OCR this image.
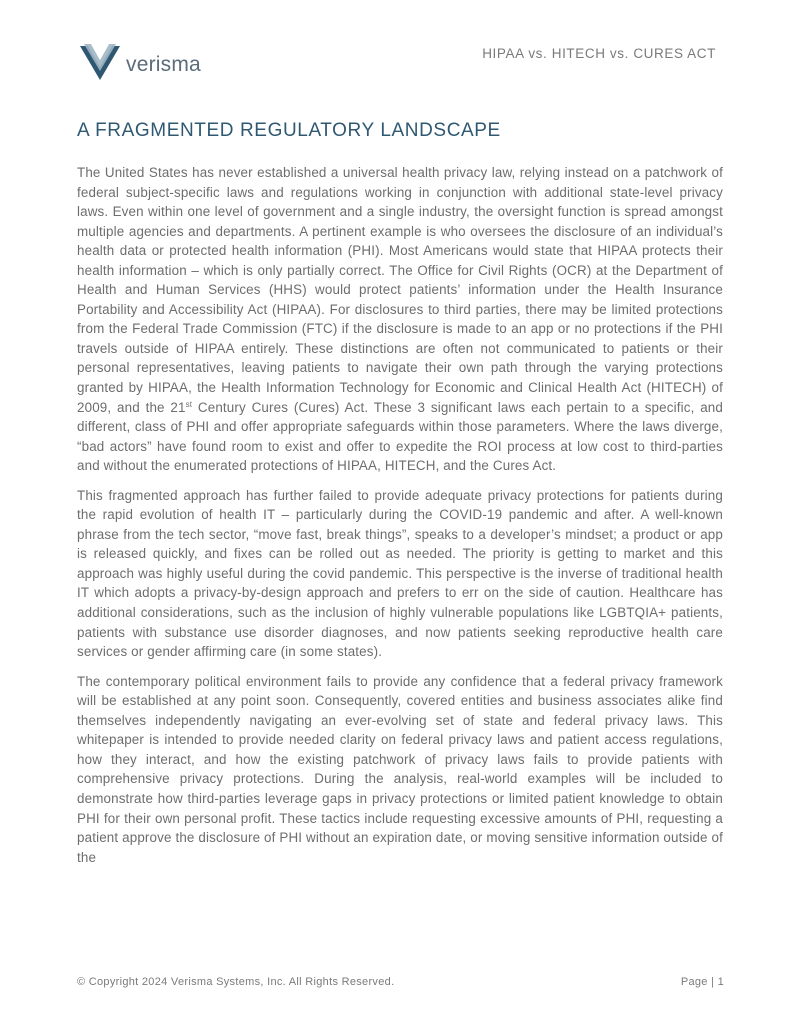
verisma	HIPAA vs. HITECH vs. CURES ACT
A FRAGMENTED REGULATORY LANDSCAPE

The United States has never established a universal health privacy law, relying instead on a patchwork of federal subject-specific laws and regulations working in conjunction with additional state-level privacy laws. Even within one level of government and a single industry, the oversight function is spread amongst multiple agencies and departments. A pertinent example is who oversees the disclosure of an individual’s health data or protected health information (PHI). Most Americans would state that HIPAA protects their health information – which is only partially correct. The Office for Civil Rights (OCR) at the Department of Health and Human Services (HHS) would protect patients’ information under the Health Insurance Portability and Accessibility Act (HIPAA). For disclosures to third parties, there may be limited protections from the Federal Trade Commission (FTC) if the disclosure is made to an app or no protections if the PHI travels outside of HIPAA entirely. These distinctions are often not communicated to patients or their personal representatives, leaving patients to navigate their own path through the varying protections granted by HIPAA, the Health Information Technology for Economic and Clinical Health Act (HITECH) of 2009, and the 21st Century Cures (Cures) Act. These 3 significant laws each pertain to a specific, and different, class of PHI and offer appropriate safeguards within those parameters. Where the laws diverge, “bad actors” have found room to exist and offer to expedite the ROI process at low cost to third-parties and without the enumerated protections of HIPAA, HITECH, and the Cures Act.

This fragmented approach has further failed to provide adequate privacy protections for patients during the rapid evolution of health IT – particularly during the COVID-19 pandemic and after. A well-known phrase from the tech sector, “move fast, break things”, speaks to a developer’s mindset; a product or app is released quickly, and fixes can be rolled out as needed. The priority is getting to market and this approach was highly useful during the covid pandemic. This perspective is the inverse of traditional health IT which adopts a privacy-by-design approach and prefers to err on the side of caution. Healthcare has additional considerations, such as the inclusion of highly vulnerable populations like LGBTQIA+ patients, patients with substance use disorder diagnoses, and now patients seeking reproductive health care services or gender affirming care (in some states).

The contemporary political environment fails to provide any confidence that a federal privacy framework will be established at any point soon. Consequently, covered entities and business associates alike find themselves independently navigating an ever-evolving set of state and federal privacy laws. This whitepaper is intended to provide needed clarity on federal privacy laws and patient access regulations, how they interact, and how the existing patchwork of privacy laws fails to provide patients with comprehensive privacy protections. During the analysis, real-world examples will be included to demonstrate how third-parties leverage gaps in privacy protections or limited patient knowledge to obtain PHI for their own personal profit. These tactics include requesting excessive amounts of PHI, requesting a patient approve the disclosure of PHI without an expiration date, or moving sensitive information outside of the

© Copyright 2024 Verisma Systems, Inc. All Rights Reserved.	Page | 1
